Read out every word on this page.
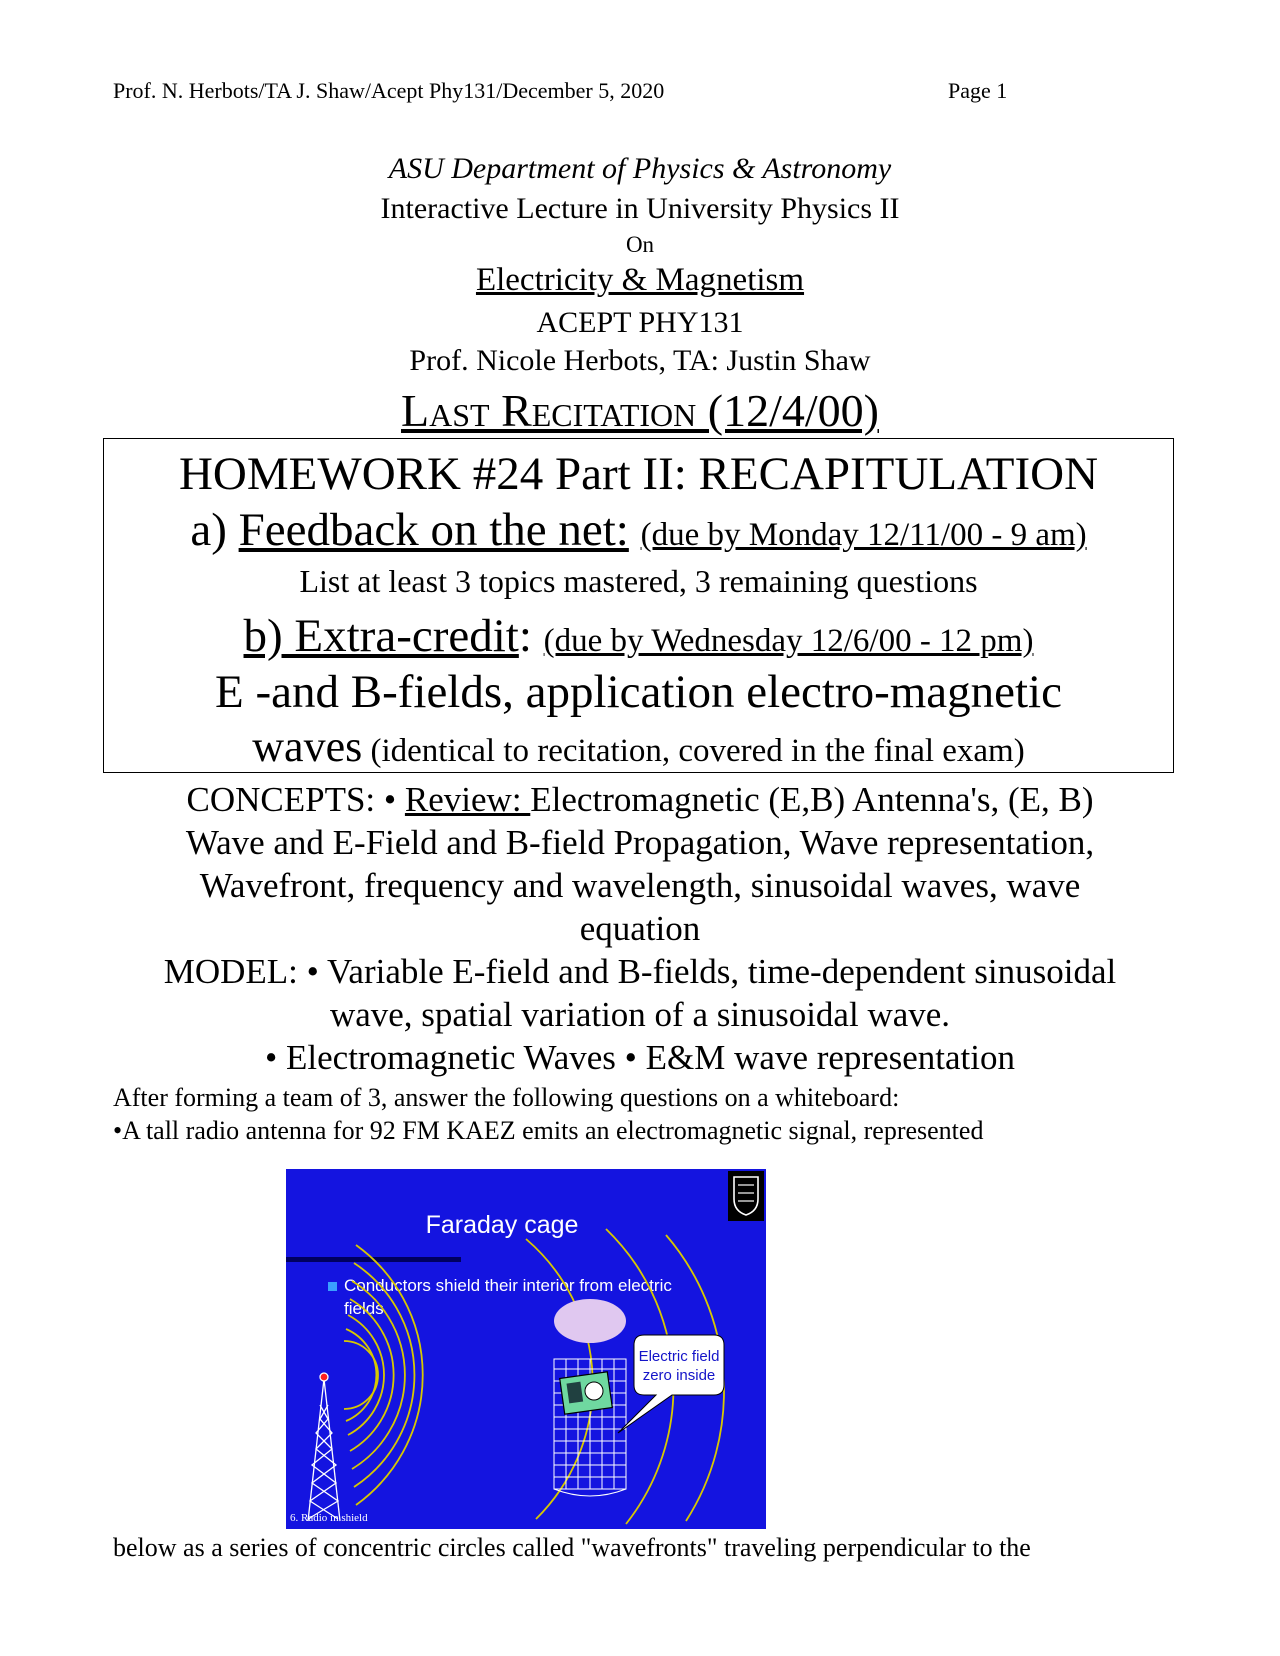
Prof. N. Herbots/TA J. Shaw/Acept Phy131/December 5, 2020	Page 1
ASU Department of Physics & Astronomy
Interactive Lecture in University Physics II
On
Electricity & Magnetism
ACEPT PHY131
Prof. Nicole Herbots, TA: Justin Shaw
Last Recitation (12/4/00)
HOMEWORK #24 Part II: RECAPITULATION
a) Feedback on the net: (due by Monday 12/11/00 - 9 am)
List at least 3 topics mastered, 3 remaining questions
b) Extra-credit: (due by Wednesday 12/6/00 - 12 pm)
E -and B-fields, application electro-magnetic
waves (identical to recitation, covered in the final exam)
CONCEPTS: • Review: Electromagnetic (E,B) Antenna's, (E, B)
Wave and E-Field and B-field Propagation, Wave representation,
Wavefront, frequency and wavelength, sinusoidal waves, wave
equation
MODEL: • Variable E-field and B-fields, time-dependent sinusoidal
wave, spatial variation of a sinusoidal wave.
• Electromagnetic Waves • E&M wave representation
After forming a team of 3, answer the following questions on a whiteboard:
•A tall radio antenna for 92 FM KAEZ emits an electromagnetic signal, represented
Faraday cage
Conductors shield their interior from electric
fields
Electric field
zero inside
6. Radio in shield
below as a series of concentric circles called "wavefronts" traveling perpendicular to the
